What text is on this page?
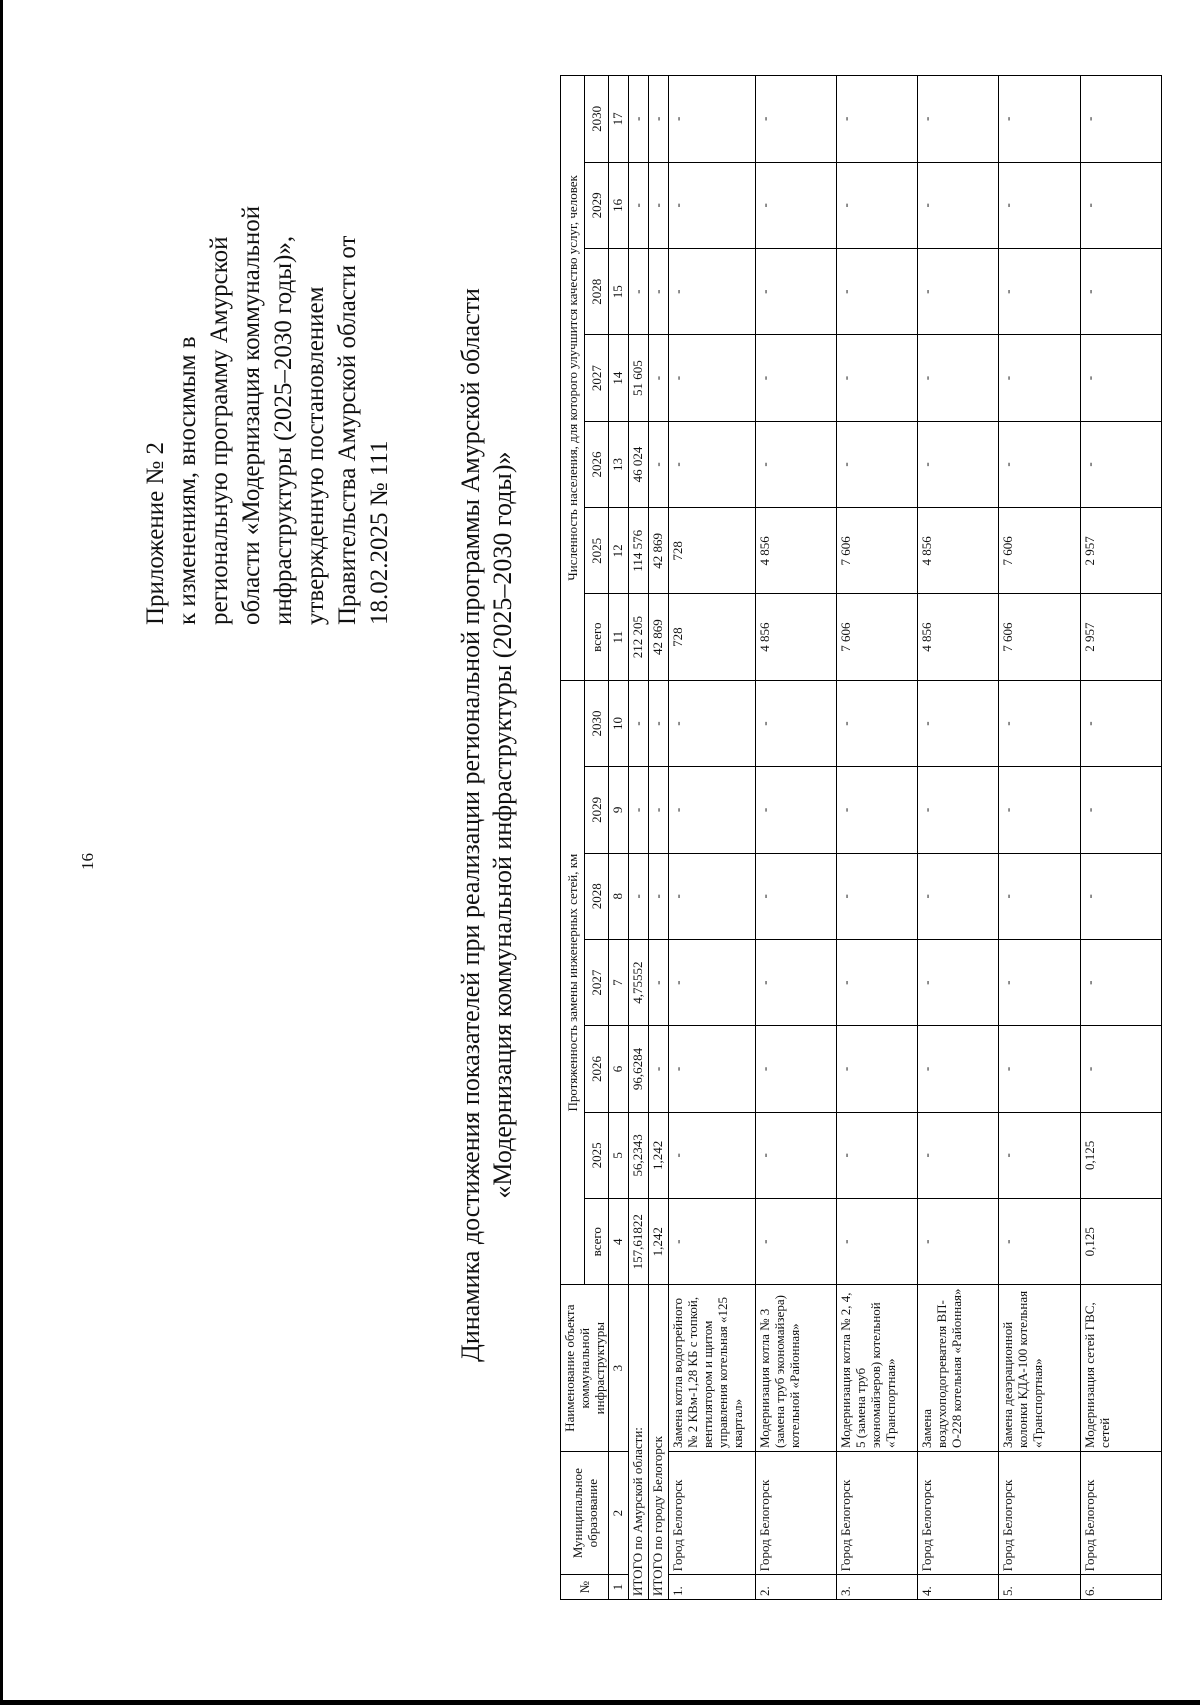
16
Приложение № 2 к изменениям, вносимым в региональную программу Амурской области «Модернизация коммунальной инфраструктуры (2025–2030 годы)», утвержденную постановлением Правительства Амурской области от 18.02.2025 № 111 Динамика достижения показателей при реализации региональной программы Амурской области «Модернизация коммунальной инфраструктуры (2025–2030 годы)»
№	Муниципальное образование	Наименование объекта коммунальной инфраструктуры	Протяженность замены инженерных сетей, км							Численность населения, для которого улучшится качество услуг, человек						
			всего	2025	2026	2027	2028	2029	2030	всего	2025	2026	2027	2028	2029	2030
1	2	3	4	5	6	7	8	9	10	11	12	13	14	15	16	17
ИТОГО по Амурской области:			157,61822	56,2343	96,6284	4,75552	-	-	-	212 205	114 576	46 024	51 605	-	-	-
ИТОГО по городу Белогорск			1,242	1,242	-	-	-	-	-	42 869	42 869	-	-	-	-	-
1.	Город Белогорск	Замена котла водогрейного № 2 КВм-1,28 КБ с топкой, вентилятором и щитом управления котельная «125 квартал»	-	-	-	-	-	-	-	728	728	-	-	-	-	-
2.	Город Белогорск	Модернизация котла № 3 (замена труб экономайзера) котельной «Районная»	-	-	-	-	-	-	-	4 856	4 856	-	-	-	-	-
3.	Город Белогорск	Модернизация котла № 2, 4, 5 (замена труб экономайзеров) котельной «Транспортная»	-	-	-	-	-	-	-	7 606	7 606	-	-	-	-	-
4.	Город Белогорск	Замена воздухоподогревателя ВП-О-228 котельная «Районная»	-	-	-	-	-	-	-	4 856	4 856	-	-	-	-	-
5.	Город Белогорск	Замена деаэрационной колонки КДА-100 котельная «Транспортная»	-	-	-	-	-	-	-	7 606	7 606	-	-	-	-	-
6.	Город Белогорск	Модернизация сетей ГВС, сетей	0,125	0,125	-	-	-	-	-	2 957	2 957	-	-	-	-	-
